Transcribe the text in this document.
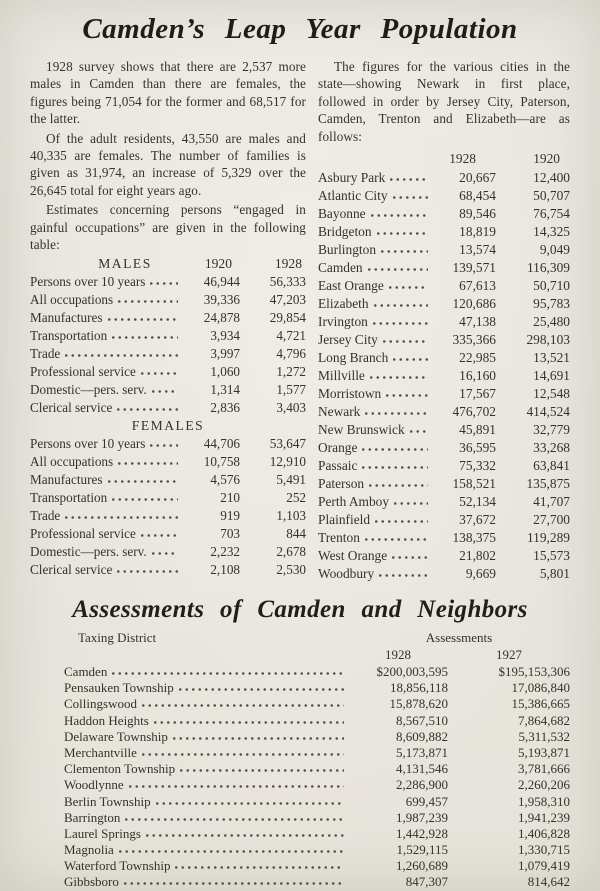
Camden’s Leap Year Population

1928 survey shows that there are 2,537 more males in Camden than there are females, the figures being 71,054 for the former and 68,517 for the latter.

Of the adult residents, 43,550 are males and 40,335 are females. The number of families is given as 31,974, an increase of 5,329 over the 26,645 total for eight years ago.

Estimates concerning persons “engaged in gainful occupations” are given in the following table:

MALES	1920	1928
Persons over 10 years	46,944	56,333
All occupations	39,336	47,203
Manufactures	24,878	29,854
Transportation	3,934	4,721
Trade	3,997	4,796
Professional service	1,060	1,272
Domestic—pers. serv.	1,314	1,577
Clerical service	2,836	3,403
FEMALES
Persons over 10 years	44,706	53,647
All occupations	10,758	12,910
Manufactures	4,576	5,491
Transportation	210	252
Trade	919	1,103
Professional service	703	844
Domestic—pers. serv.	2,232	2,678
Clerical service	2,108	2,530

The figures for the various cities in the state—showing Newark in first place, followed in order by Jersey City, Paterson, Camden, Trenton and Elizabeth—are as follows:

1928	1920
Asbury Park	20,667	12,400
Atlantic City	68,454	50,707
Bayonne	89,546	76,754
Bridgeton	18,819	14,325
Burlington	13,574	9,049
Camden	139,571	116,309
East Orange	67,613	50,710
Elizabeth	120,686	95,783
Irvington	47,138	25,480
Jersey City	335,366	298,103
Long Branch	22,985	13,521
Millville	16,160	14,691
Morristown	17,567	12,548
Newark	476,702	414,524
New Brunswick	45,891	32,779
Orange	36,595	33,268
Passaic	75,332	63,841
Paterson	158,521	135,875
Perth Amboy	52,134	41,707
Plainfield	37,672	27,700
Trenton	138,375	119,289
West Orange	21,802	15,573
Woodbury	9,669	5,801
Assessments of Camden and Neighbors
Taxing District	Assessments
1928	1927
Camden	$200,003,595	$195,153,306
Pensauken Township	18,856,118	17,086,840
Collingswood	15,878,620	15,386,665
Haddon Heights	8,567,510	7,864,682
Delaware Township	8,609,882	5,311,532
Merchantville	5,173,871	5,193,871
Clementon Township	4,131,546	3,781,666
Woodlynne	2,286,900	2,260,206
Berlin Township	699,457	1,958,310
Barrington	1,987,239	1,941,239
Laurel Springs	1,442,928	1,406,828
Magnolia	1,529,115	1,330,715
Waterford Township	1,260,689	1,079,419
Gibbsboro	847,307	814,642
